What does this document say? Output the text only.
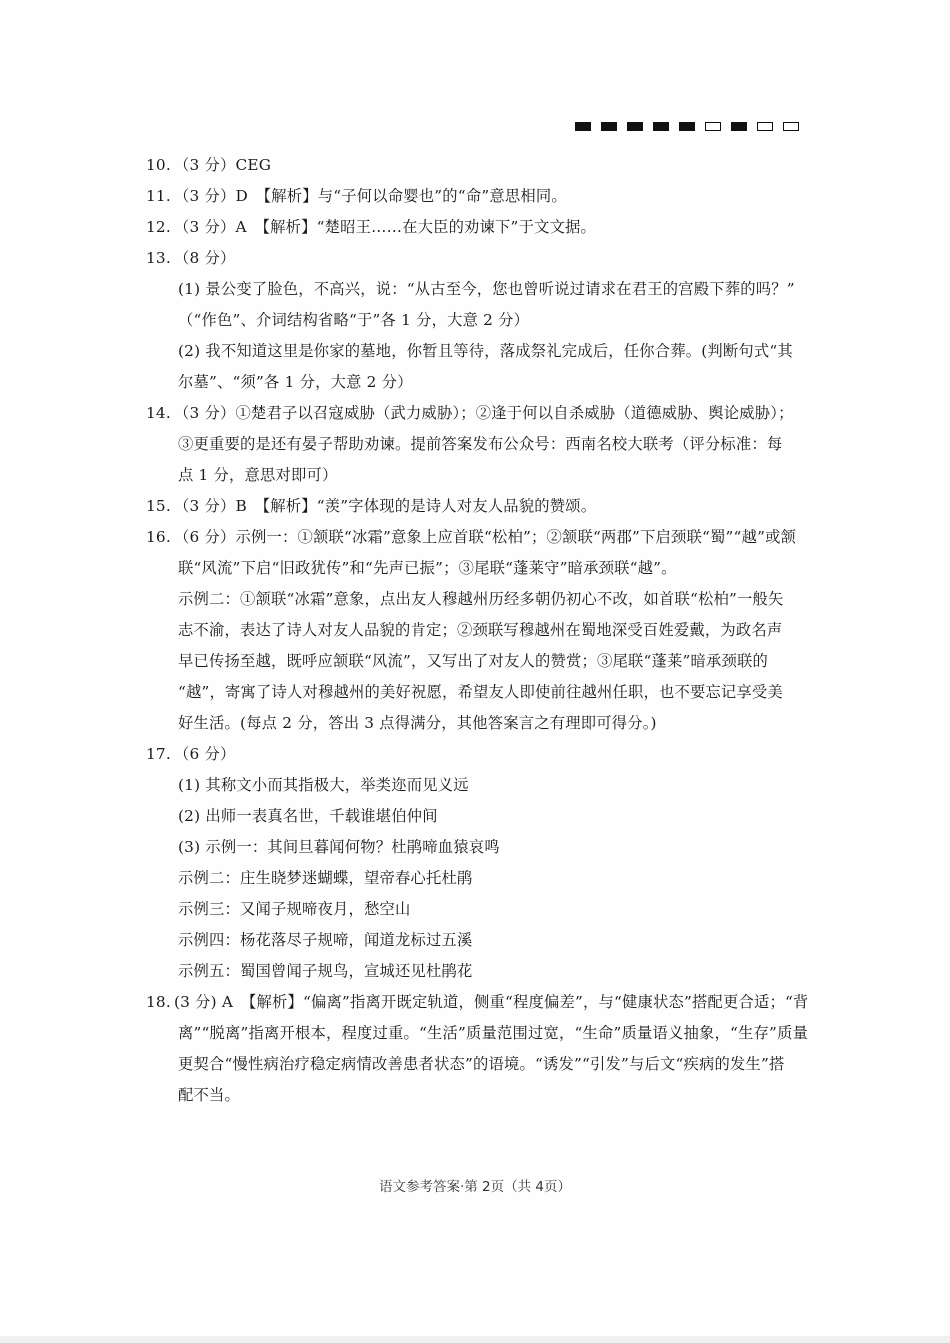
10. （3 分）CEG
11. （3 分）D　【解析】与“子何以命婴也”的“命”意思相同。
12. （3 分）A　【解析】“楚昭王……在大臣的劝谏下”于文文据。
13. （8 分）
(1) 景公变了脸色，不高兴，说：“从古至今，您也曾听说过请求在君王的宫殿下葬的吗？”
（“作色”、介词结构省略“于”各 1 分，大意 2 分）
(2) 我不知道这里是你家的墓地，你暂且等待，落成祭礼完成后，任你合葬。(判断句式“其
尔墓”、“须”各 1 分，大意 2 分）
14. （3 分）①楚君子以召寇威胁（武力威胁）；②逢于何以自杀威胁（道德威胁、舆论威胁）；
③更重要的是还有晏子帮助劝谏。提前答案发布公众号：西南名校大联考（评分标准：每
点 1 分，意思对即可）
15. （3 分）B　【解析】“羡”字体现的是诗人对友人品貌的赞颂。
16. （6 分）示例一：①颔联“冰霜”意象上应首联“松柏”；②颔联“两郡”下启颈联“蜀”“越”或颔
联“风流”下启“旧政犹传”和“先声已振”；③尾联“蓬莱守”暗承颈联“越”。
示例二：①颔联“冰霜”意象，点出友人穆越州历经多朝仍初心不改，如首联“松柏”一般矢
志不渝，表达了诗人对友人品貌的肯定；②颈联写穆越州在蜀地深受百姓爱戴，为政名声
早已传扬至越，既呼应颔联“风流”，又写出了对友人的赞赏；③尾联“蓬莱”暗承颈联的
“越”，寄寓了诗人对穆越州的美好祝愿，希望友人即使前往越州任职，也不要忘记享受美
好生活。(每点 2 分，答出 3 点得满分，其他答案言之有理即可得分。)
17. （6 分）
(1) 其称文小而其指极大，举类迩而见义远
(2) 出师一表真名世，千载谁堪伯仲间
(3) 示例一：其间旦暮闻何物？杜鹃啼血猿哀鸣
示例二：庄生晓梦迷蝴蝶，望帝春心托杜鹃
示例三：又闻子规啼夜月，愁空山
示例四：杨花落尽子规啼，闻道龙标过五溪
示例五：蜀国曾闻子规鸟，宣城还见杜鹃花
18. (3 分) A　【解析】“偏离”指离开既定轨道，侧重“程度偏差”，与“健康状态”搭配更合适；“背
离”“脱离”指离开根本，程度过重。“生活”质量范围过宽，“生命”质量语义抽象，“生存”质量
更契合“慢性病治疗稳定病情改善患者状态”的语境。“诱发”“引发”与后文“疾病的发生”搭
配不当。
语文参考答案·第 2页（共 4页）
